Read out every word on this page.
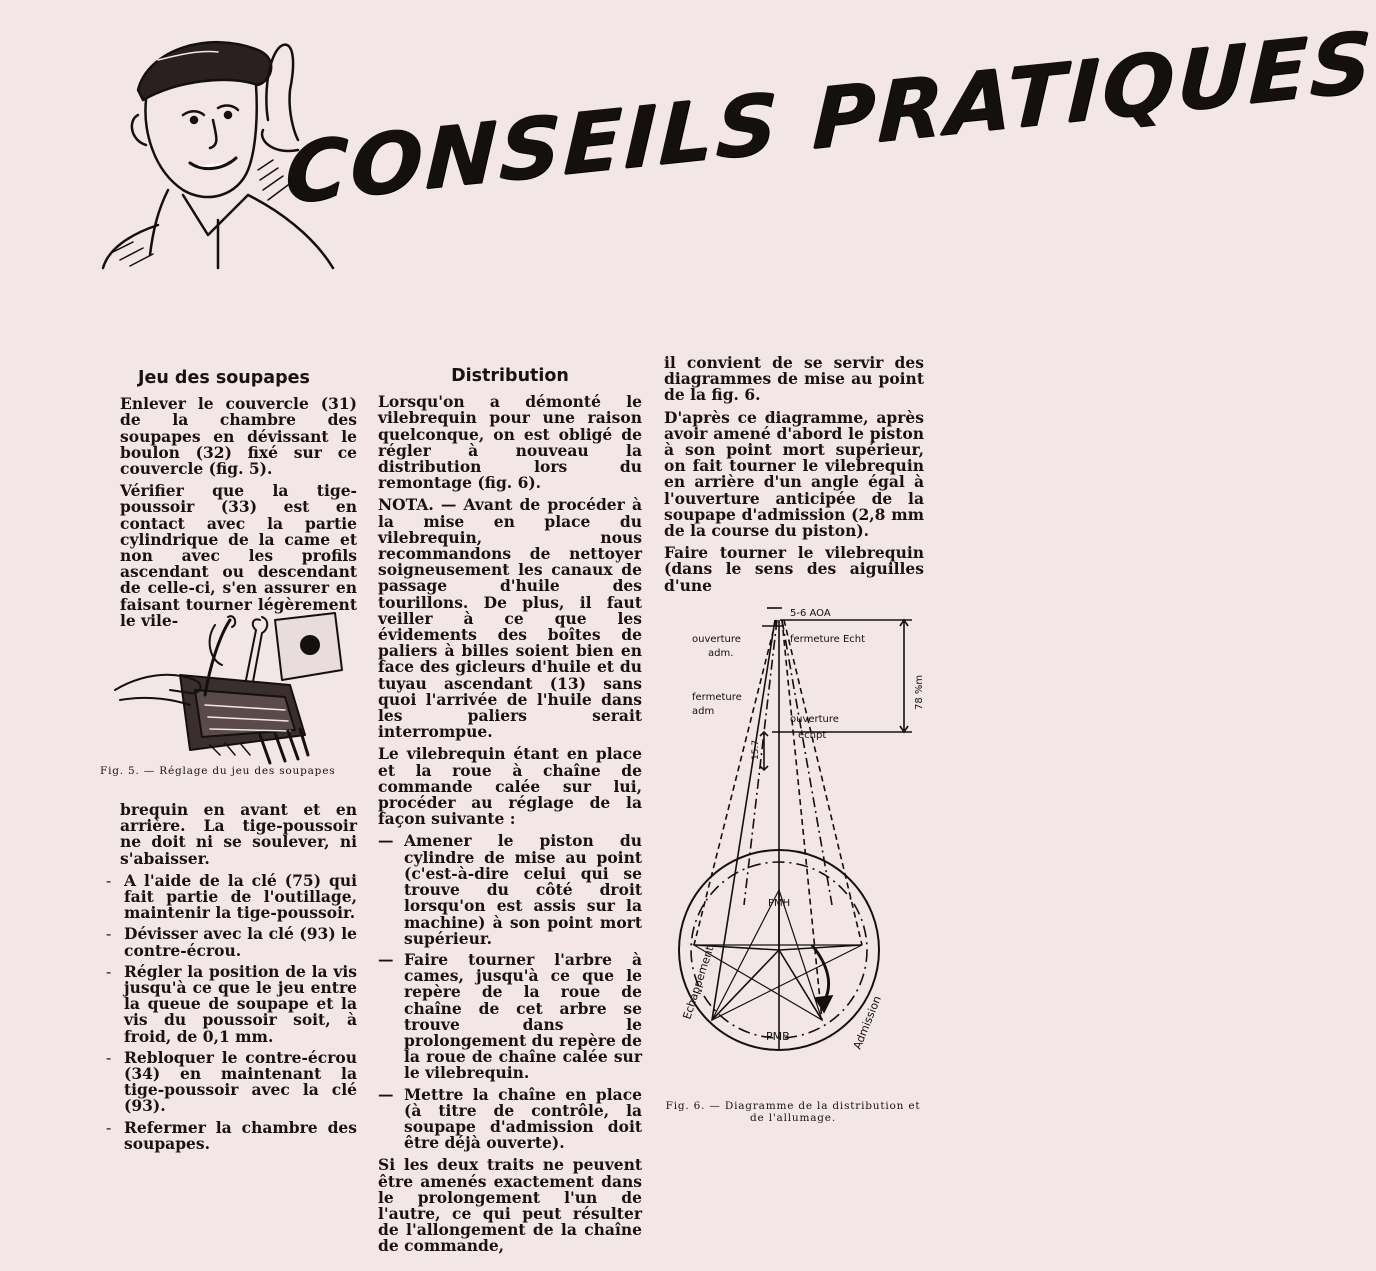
CONSEILS PRATIQUES
Jeu des soupapes

Enlever le couvercle (31) de la chambre des soupapes en dévissant le boulon (32) fixé sur ce couvercle (fig. 5).

Vérifier que la tige-poussoir (33) est en contact avec la partie cylindrique de la came et non avec les profils ascendant ou descendant de celle-ci, s'en assurer en faisant tourner légèrement le vile-

Fig. 5. — Réglage du jeu des soupapes

brequin en avant et en arrière. La tige-poussoir ne doit ni se soulever, ni s'abaisser.

- A l'aide de la clé (75) qui fait partie de l'outillage, maintenir la tige-poussoir.
- Dévisser avec la clé (93) le contre-écrou.
- Régler la position de la vis jusqu'à ce que le jeu entre la queue de soupape et la vis du poussoir soit, à froid, de 0,1 mm.
- Rebloquer le contre-écrou (34) en maintenant la tige-poussoir avec la clé (93).
- Refermer la chambre des soupapes.
Distribution

Lorsqu'on a démonté le vilebrequin pour une raison quelconque, on est obligé de régler à nouveau la distribution lors du remontage (fig. 6).

NOTA. — Avant de procéder à la mise en place du vilebrequin, nous recommandons de nettoyer soigneusement les canaux de passage d'huile des tourillons. De plus, il faut veiller à ce que les évidements des boîtes de paliers à billes soient bien en face des gicleurs d'huile et du tuyau ascendant (13) sans quoi l'arrivée de l'huile dans les paliers serait interrompue.

Le vilebrequin étant en place et la roue à chaîne de commande calée sur lui, procéder au réglage de la façon suivante :

— Amener le piston du cylindre de mise au point (c'est-à-dire celui qui se trouve du côté droit lorsqu'on est assis sur la machine) à son point mort supérieur.
— Faire tourner l'arbre à cames, jusqu'à ce que le repère de la roue de chaîne de cet arbre se trouve dans le prolongement du repère de la roue de chaîne calée sur le vilebrequin.
— Mettre la chaîne en place (à titre de contrôle, la soupape d'admission doit être déjà ouverte).

Si les deux traits ne peuvent être amenés exactement dans le prolongement l'un de l'autre, ce qui peut résulter de l'allongement de la chaîne de commande,

il convient de se servir des diagrammes de mise au point de la fig. 6.

D'après ce diagramme, après avoir amené d'abord le piston à son point mort supérieur, on fait tourner le vilebrequin en arrière d'un angle égal à l'ouverture anticipée de la soupape d'admission (2,8 mm de la course du piston).

Faire tourner le vilebrequin (dans le sens des aiguilles d'une

5-6 AOA
ouverture
adm.
fermeture Echt
fermeture
adm
ouverture
échpt
78 %m
15.7
PMH
PMB
Echappement
Admission
Fig. 6. — Diagramme de la distribution et de l'allumage.
